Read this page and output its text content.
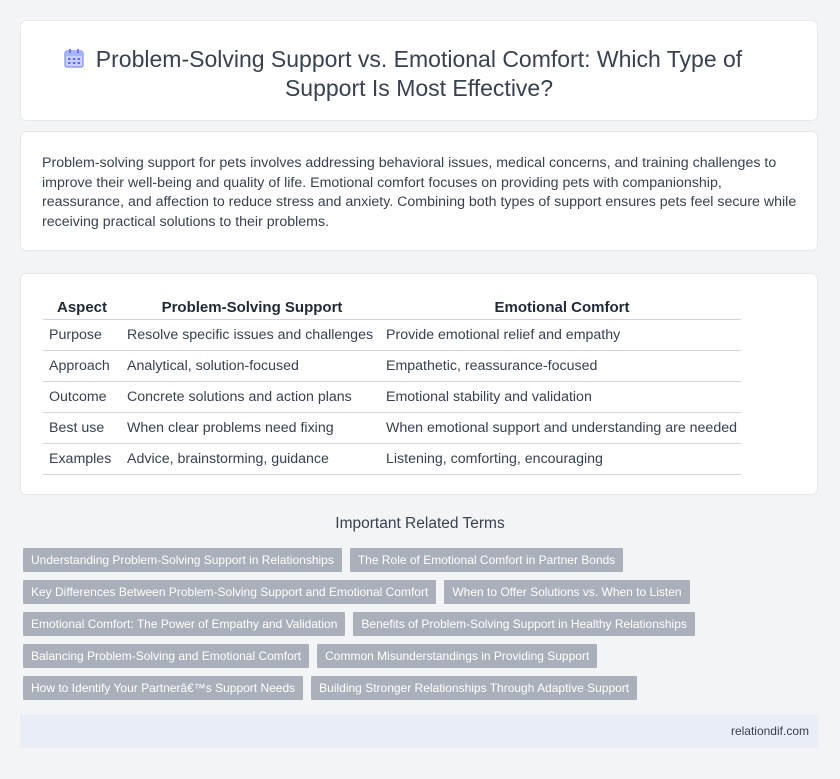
Problem-Solving Support vs. Emotional Comfort: Which Type of Support Is Most Effective?

Problem-solving support for pets involves addressing behavioral issues, medical concerns, and training challenges to improve their well-being and quality of life. Emotional comfort focuses on providing pets with companionship, reassurance, and affection to reduce stress and anxiety. Combining both types of support ensures pets feel secure while receiving practical solutions to their problems.

Aspect	Problem-Solving Support	Emotional Comfort
Purpose	Resolve specific issues and challenges	Provide emotional relief and empathy
Approach	Analytical, solution-focused	Empathetic, reassurance-focused
Outcome	Concrete solutions and action plans	Emotional stability and validation
Best use	When clear problems need fixing	When emotional support and understanding are needed
Examples	Advice, brainstorming, guidance	Listening, comforting, encouraging
Important Related Terms
Understanding Problem-Solving Support in Relationships	The Role of Emotional Comfort in Partner Bonds
Key Differences Between Problem-Solving Support and Emotional Comfort	When to Offer Solutions vs. When to Listen
Emotional Comfort: The Power of Empathy and Validation	Benefits of Problem-Solving Support in Healthy Relationships
Balancing Problem-Solving and Emotional Comfort	Common Misunderstandings in Providing Support
How to Identify Your Partnerâ€™s Support Needs	Building Stronger Relationships Through Adaptive Support
relationdif.com
